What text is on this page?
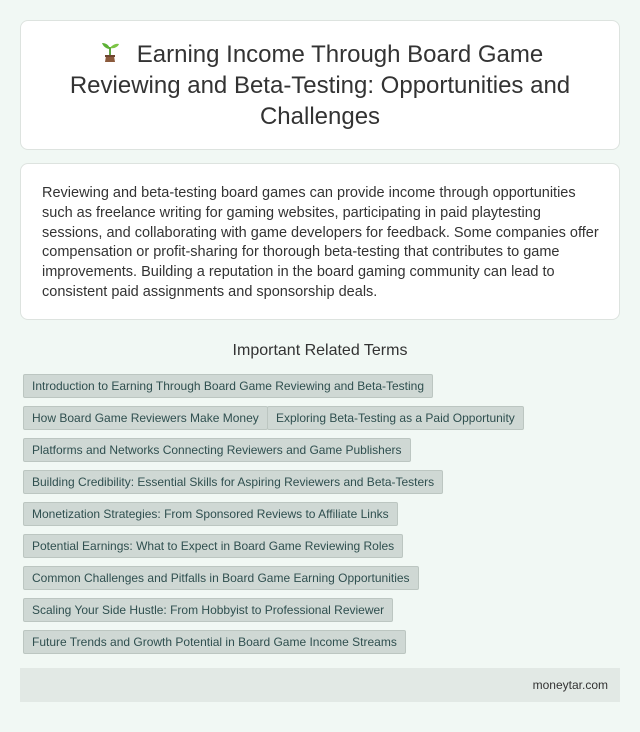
Earning Income Through Board Game Reviewing and Beta-Testing: Opportunities and Challenges

Reviewing and beta-testing board games can provide income through opportunities such as freelance writing for gaming websites, participating in paid playtesting sessions, and collaborating with game developers for feedback. Some companies offer compensation or profit-sharing for thorough beta-testing that contributes to game improvements. Building a reputation in the board gaming community can lead to consistent paid assignments and sponsorship deals.

Important Related Terms
Introduction to Earning Through Board Game Reviewing and Beta-Testing
How Board Game Reviewers Make Money	Exploring Beta-Testing as a Paid Opportunity
Platforms and Networks Connecting Reviewers and Game Publishers
Building Credibility: Essential Skills for Aspiring Reviewers and Beta-Testers
Monetization Strategies: From Sponsored Reviews to Affiliate Links
Potential Earnings: What to Expect in Board Game Reviewing Roles
Common Challenges and Pitfalls in Board Game Earning Opportunities
Scaling Your Side Hustle: From Hobbyist to Professional Reviewer
Future Trends and Growth Potential in Board Game Income Streams
moneytar.com
